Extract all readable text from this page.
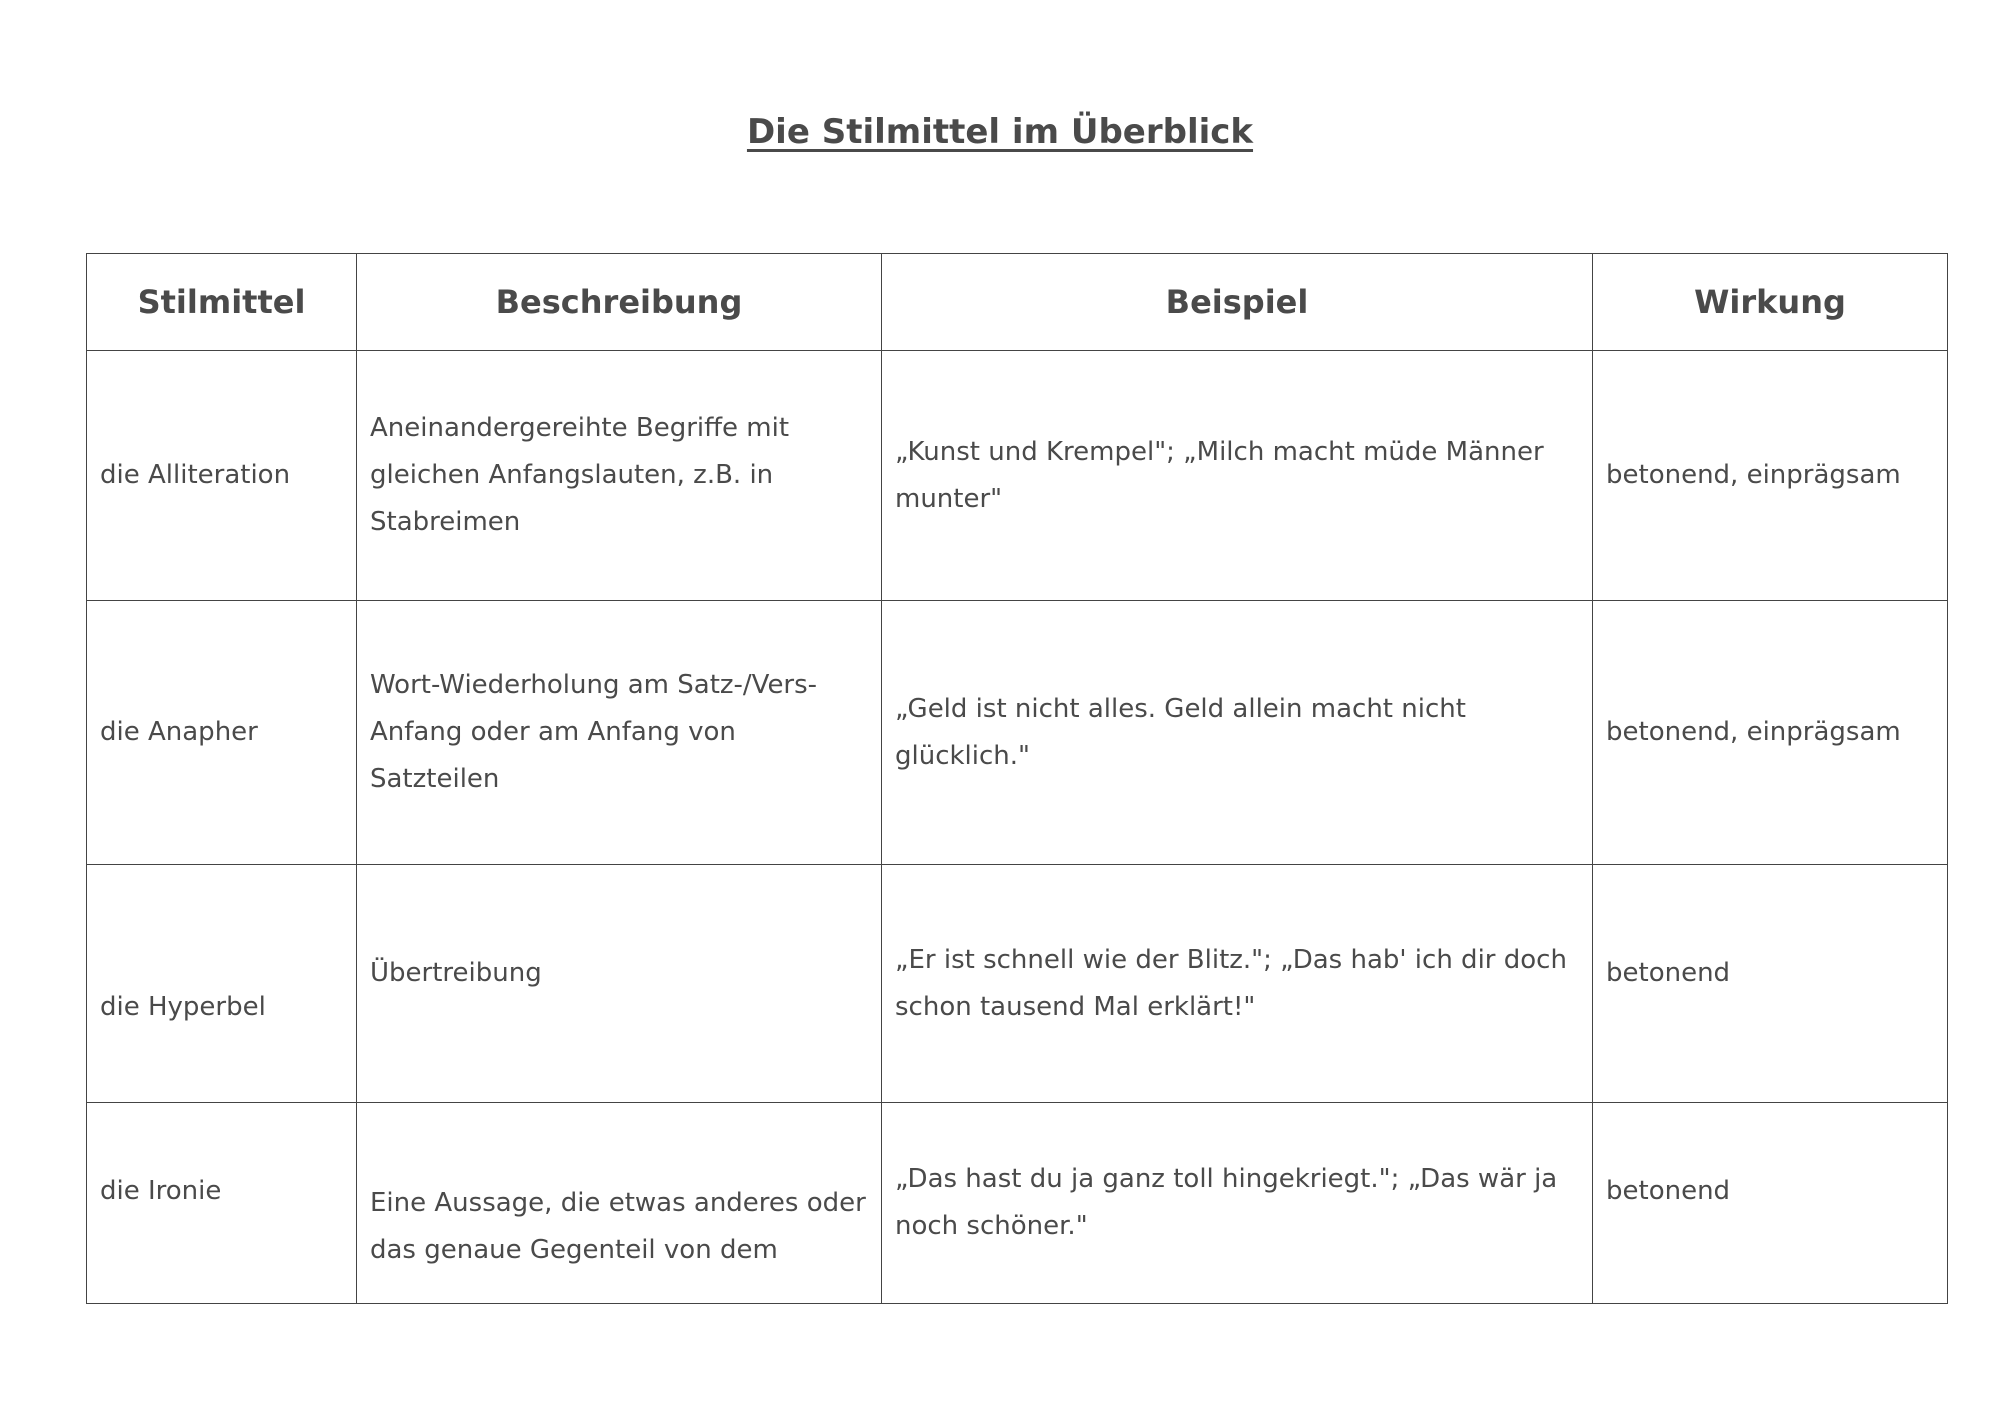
Die Stilmittel im Überblick
Stilmittel	Beschreibung	Beispiel	Wirkung

die Alliteration	Aneinandergereihte Begriffe mit gleichen Anfangslauten, z.B. in Stabreimen	„Kunst und Krempel"; „Milch macht müde Männer munter"	betonend, einprägsam

die Anapher	Wort-Wiederholung am Satz-/Vers-Anfang oder am Anfang von Satzteilen	„Geld ist nicht alles. Geld allein macht nicht glücklich."	betonend, einprägsam

die Hyperbel	Übertreibung	„Er ist schnell wie der Blitz."; „Das hab' ich dir doch schon tausend Mal erklärt!"	betonend

die Ironie	Eine Aussage, die etwas anderes oder das genaue Gegenteil von dem	„Das hast du ja ganz toll hingekriegt."; „Das wär ja noch schöner."	betonend
